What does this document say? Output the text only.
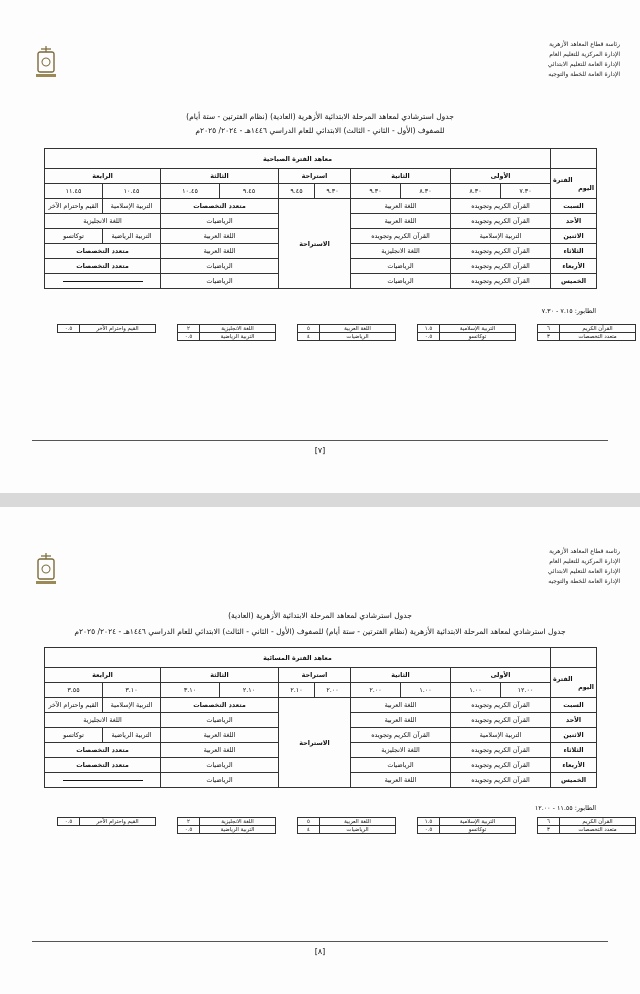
رئاسة قطاع المعاهد الأزهرية
الإدارة المركزية للتعليم العام
الإدارة العامة للتعليم الابتدائي
الإدارة العامة للخطة والتوجيه
جدول استرشادي لمعاهد المرحلة الابتدائية الأزهرية (العادية) (نظام الفترتين - ستة أيام)
للصفوف (الأول - الثاني - الثالث) الابتدائي للعام الدراسي ١٤٤٦هـ - ٢٠٢٤/ ٢٠٢٥م
	معاهد الفترة الصباحية									

الفترة
اليوم	الأولى		الثانية		استراحة		الثالثة		الرابعة	
	٧.٣٠	٨.٣٠	٨.٣٠	٩.٣٠	٩.٣٠	٩.٤٥	٩.٤٥	١٠.٤٥	١٠.٤٥	١١.٤٥
السبت	القرآن الكريم وتجويده		اللغة العربية		الاستراحة		متعدد التخصصات		التربية الإسلامية	القيم واحترام الآخر
الأحد	القرآن الكريم وتجويده		اللغة العربية				الرياضيات		اللغة الانجليزية	
الاثنين	التربية الإسلامية		القرآن الكريم وتجويده				اللغة العربية		التربية الرياضية	توكاتسو
الثلاثاء	القرآن الكريم وتجويده		اللغة الانجليزية				اللغة العربية		متعدد التخصصات	
الأربعاء	القرآن الكريم وتجويده		الرياضيات				الرياضيات		متعدد التخصصات	
الخميس	القرآن الكريم وتجويده		الرياضيات				الرياضيات			
الطابور: ٧.١٥ - ٧.٣٠
القرآن الكريم	٦		التربية الإسلامية	١.٥		اللغة العربية	٥		اللغة الانجليزية	٢		القيم واحترام الآخر	٠.٥
متعدد التخصصات	٣		توكاتسو	٠.٥		الرياضيات	٤		التربية الرياضية	٠.٥			
[٧]
رئاسة قطاع المعاهد الأزهرية
الإدارة المركزية للتعليم العام
الإدارة العامة للتعليم الابتدائي
الإدارة العامة للخطة والتوجيه
جدول استرشادي لمعاهد المرحلة الابتدائية الأزهرية (العادية)
جدول استرشادي لمعاهد المرحلة الابتدائية الأزهرية (نظام الفترتين - ستة أيام) للصفوف (الأول - الثاني - الثالث) الابتدائي للعام الدراسي ١٤٤٦هـ - ٢٠٢٤/ ٢٠٢٥م
	معاهد الفترة المسائية									

الفترة
اليوم	الأولى		الثانية		استراحة		الثالثة		الرابعة	
	١٢.٠٠	١.٠٠	١.٠٠	٢.٠٠	٢.٠٠	٢.١٠	٢.١٠	٣.١٠	٣.١٠	٣.٥٥
السبت	القرآن الكريم وتجويده		اللغة العربية		الاستراحة		متعدد التخصصات		التربية الإسلامية	القيم واحترام الآخر
الأحد	القرآن الكريم وتجويده		اللغة العربية				الرياضيات		اللغة الانجليزية	
الاثنين	التربية الإسلامية		القرآن الكريم وتجويده				اللغة العربية		التربية الرياضية	توكاتسو
الثلاثاء	القرآن الكريم وتجويده		اللغة الانجليزية				اللغة العربية		متعدد التخصصات	
الأربعاء	القرآن الكريم وتجويده		الرياضيات				الرياضيات		متعدد التخصصات	
الخميس	القرآن الكريم وتجويده		اللغة العربية				الرياضيات			
الطابور: ١١.٥٥ - ١٢.٠٠
القرآن الكريم	٦		التربية الإسلامية	١.٥		اللغة العربية	٥		اللغة الانجليزية	٢		القيم واحترام الآخر	٠.٥
متعدد التخصصات	٣		توكاتسو	٠.٥		الرياضيات	٤		التربية الرياضية	٠.٥			
[٨]
